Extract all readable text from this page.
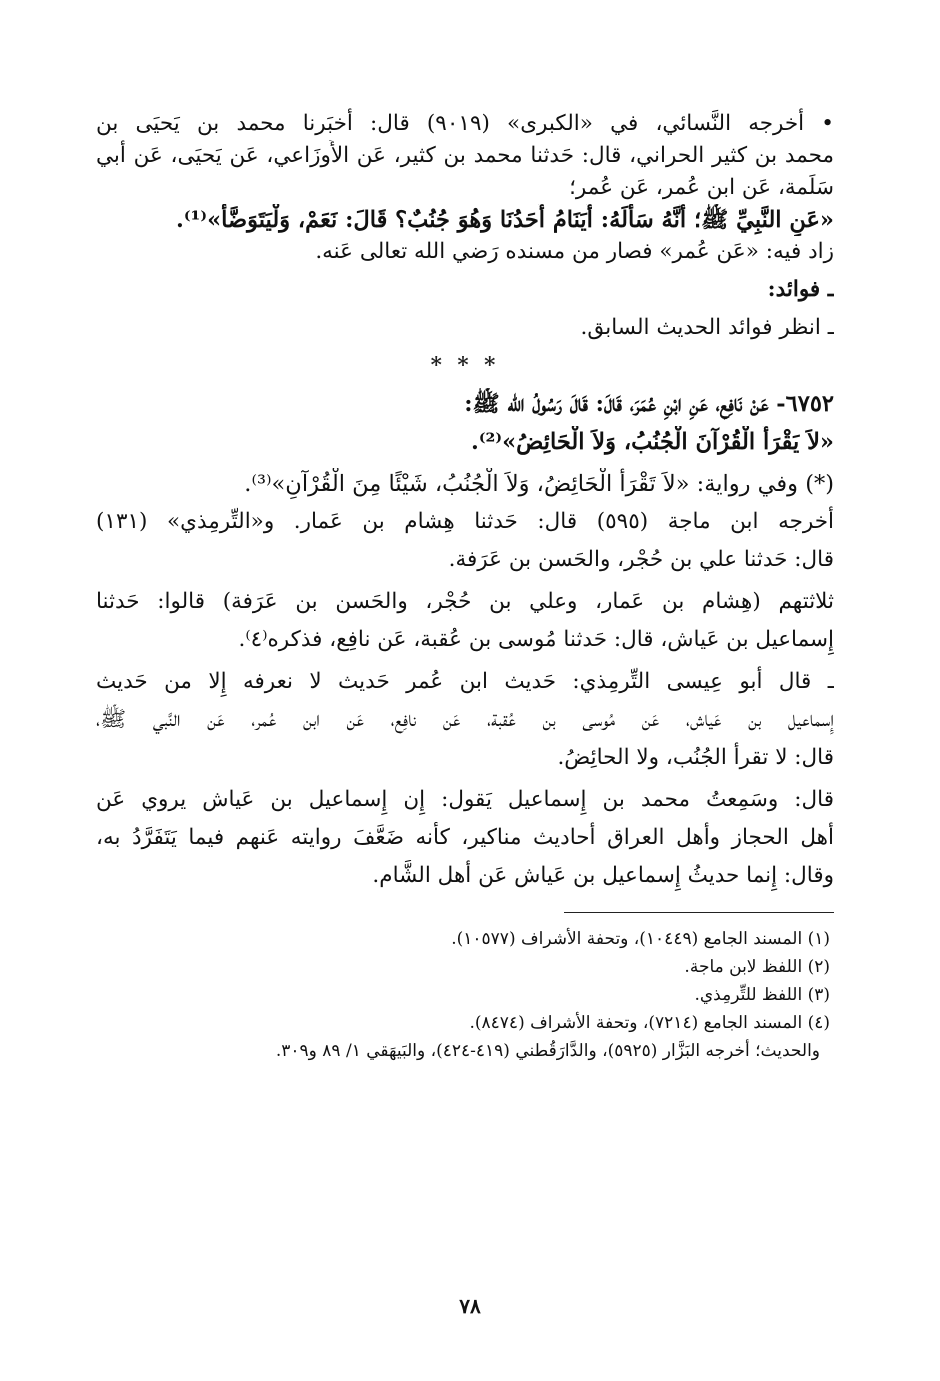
• أخرجه النَّسائي، في «الكبرى» (٩٠١٩) قال: أخبَرنا محمد بن يَحيَى بن
محمد بن كثير الحراني، قال: حَدثنا محمد بن كثير، عَن الأَوزَاعي، عَن يَحيَى، عَن أبي
سَلَمة، عَن ابن عُمر، عَن عُمر؛
«عَنِ النَّبِيِّ ﷺ؛ أَنَّهُ سَأَلَهُ: أَيَنَامُ أَحَدُنَا وَهُوَ جُنُبٌ؟ قَالَ: نَعَمْ، وَلْيَتَوَضَّأْ»⁽¹⁾.
زاد فيه: «عَن عُمر» فصار من مسنده رَضي الله تعالى عَنه.
ـ فوائد:
ـ انظر فوائد الحديث السابق.
* * *
٦٧٥٢- عَنْ نَافِعٍ، عَنِ ابْنِ عُمَرَ، قَالَ: قَالَ رَسُولُ الله ﷺ:
«لاَ يَقْرَأُ الْقُرْآنَ الْجُنُبُ، وَلاَ الْحَائِضُ»⁽²⁾.
(*) وفي رواية: «لاَ تَقْرَأُ الْحَائِضُ، وَلاَ الْجُنُبُ، شَيْئًا مِنَ الْقُرْآنِ»⁽³⁾.
أخرجه ابن ماجة (٥٩٥) قال: حَدثنا هِشام بن عَمار. و«التِّرمِذي» (١٣١)
قال: حَدثنا علي بن حُجْر، والحَسن بن عَرَفة.
ثلاثتهم (هِشام بن عَمار، وعلي بن حُجْر، والحَسن بن عَرَفة) قالوا: حَدثنا
إِسماعيل بن عَياش، قال: حَدثنا مُوسى بن عُقبة، عَن نافِع، فذكره⁽٤⁾.
ـ قال أَبو عِيسى التِّرمِذي: حَديث ابن عُمر حَديث لا نعرفه إِلا من حَديث
إِسماعيل بن عَياش، عَن مُوسى بن عُقبة، عَن نافِع، عَن ابن عُمر، عَن النَّبي ﷺ،
قال: لا تقرأُ الجُنُب، ولا الحائِضُ.
قال: وسَمِعتُ محمد بن إِسماعيل يَقول: إِن إِسماعيل بن عَياش يروي عَن
أَهل الحجاز وأَهل العراق أَحاديث مناكير، كأَنه ضَعَّفَ روايته عَنهم فيما يَتَفَرَّدُ به،
وقال: إِنما حديثُ إِسماعيل بن عَياش عَن أَهل الشَّام.
(١) المسند الجامع (١٠٤٤٩)، وتحفة الأشراف (١٠٥٧٧).
(٢) اللفظ لابن ماجة.
(٣) اللفظ للتِّرمِذي.
(٤) المسند الجامع (٧٢١٤)، وتحفة الأشراف (٨٤٧٤).
والحديث؛ أخرجه البَزَّار (٥٩٢٥)، والدَّارَقُطني (٤١٩-٤٢٤)، والبَيهَقي ١/ ٨٩ و٣٠٩.
٧٨
